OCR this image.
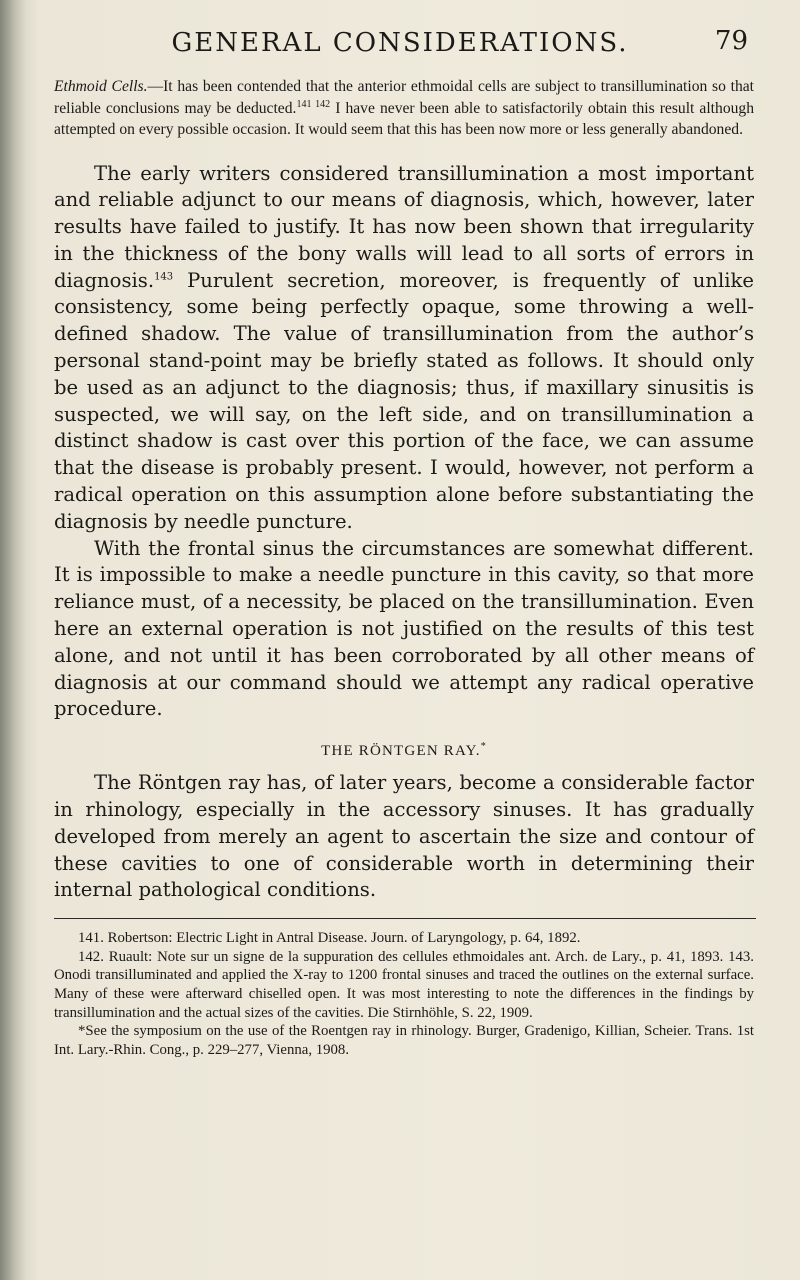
GENERAL CONSIDERATIONS.	79

Ethmoid Cells.—It has been contended that the anterior ethmoidal cells are subject to transillumination so that reliable conclusions may be deducted.$^{141 142}$ I have never been able to satisfactorily obtain this result although attempted on every possible occasion. It would seem that this has been now more or less generally abandoned.

The early writers considered transillumination a most important and reliable adjunct to our means of diagnosis, which, however, later results have failed to justify. It has now been shown that irregularity in the thickness of the bony walls will lead to all sorts of errors in diagnosis.$^{143}$ Purulent secretion, moreover, is frequently of unlike consistency, some being perfectly opaque, some throwing a well-defined shadow. The value of transillumination from the author’s personal stand-point may be briefly stated as follows. It should only be used as an adjunct to the diagnosis; thus, if maxillary sinusitis is suspected, we will say, on the left side, and on transillumination a distinct shadow is cast over this portion of the face, we can assume that the disease is probably present. I would, however, not perform a radical operation on this assumption alone before substantiating the diagnosis by needle puncture.

With the frontal sinus the circumstances are somewhat different. It is impossible to make a needle puncture in this cavity, so that more reliance must, of a necessity, be placed on the transillumination. Even here an external operation is not justified on the results of this test alone, and not until it has been corroborated by all other means of diagnosis at our command should we attempt any radical operative procedure.

THE RÖNTGEN RAY.*

The Röntgen ray has, of later years, become a considerable factor in rhinology, especially in the accessory sinuses. It has gradually developed from merely an agent to ascertain the size and contour of these cavities to one of considerable worth in determining their internal pathological conditions.

141. Robertson: Electric Light in Antral Disease. Journ. of Laryngology, p. 64, 1892.

142. Ruault: Note sur un signe de la suppuration des cellules ethmoidales ant. Arch. de Lary., p. 41, 1893. 143. Onodi transilluminated and applied the X-ray to 1200 frontal sinuses and traced the outlines on the external surface. Many of these were afterward chiselled open. It was most interesting to note the differences in the findings by transillumination and the actual sizes of the cavities. Die Stirnhöhle, S. 22, 1909.

*See the symposium on the use of the Roentgen ray in rhinology. Burger, Gradenigo, Killian, Scheier. Trans. 1st Int. Lary.-Rhin. Cong., p. 229–277, Vienna, 1908.
